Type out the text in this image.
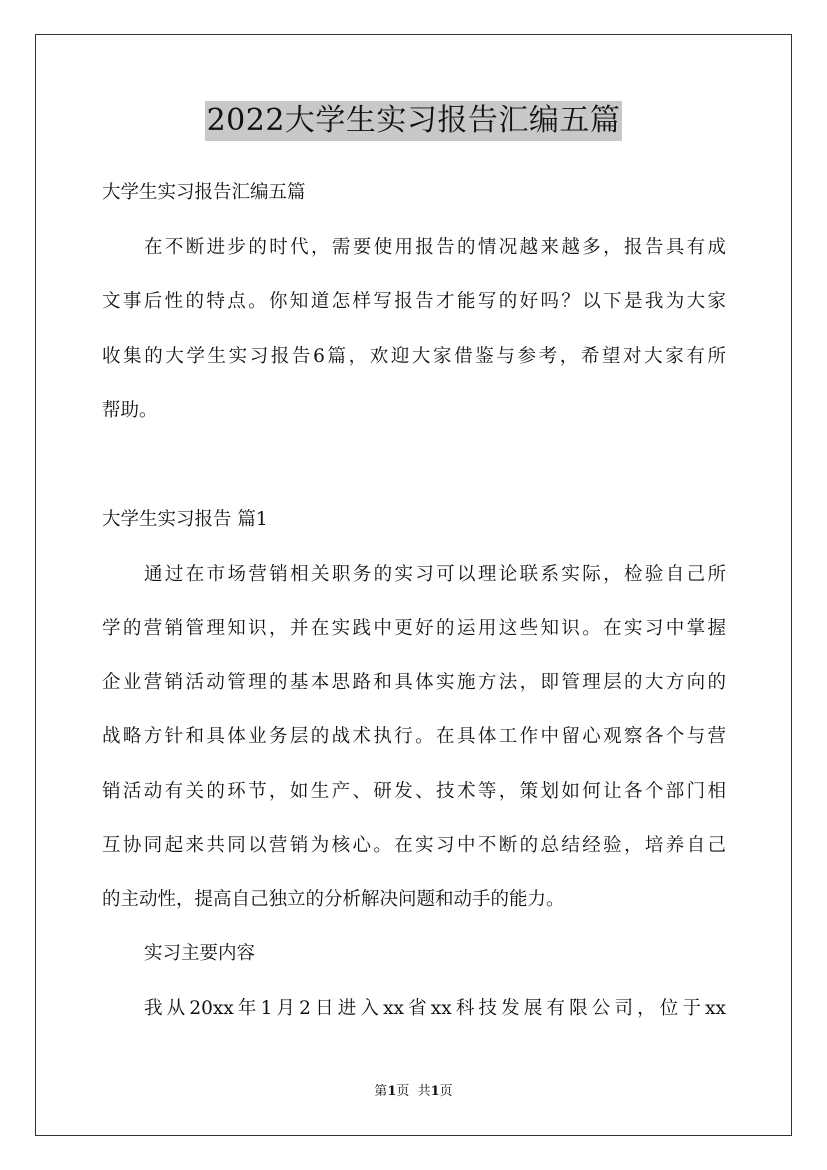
2022大学生实习报告汇编五篇

大学生实习报告汇编五篇

在不断进步的时代，需要使用报告的情况越来越多，报告具有成

文事后性的特点。你知道怎样写报告才能写的好吗？以下是我为大家

收集的大学生实习报告6篇，欢迎大家借鉴与参考，希望对大家有所

帮助。

大学生实习报告 篇1

通过在市场营销相关职务的实习可以理论联系实际，检验自己所

学的营销管理知识，并在实践中更好的运用这些知识。在实习中掌握

企业营销活动管理的基本思路和具体实施方法，即管理层的大方向的

战略方针和具体业务层的战术执行。在具体工作中留心观察各个与营

销活动有关的环节，如生产、研发、技术等，策划如何让各个部门相

互协同起来共同以营销为核心。在实习中不断的总结经验，培养自己

的主动性，提高自己独立的分析解决问题和动手的能力。

实习主要内容

我从20xx年1月2日进入xx省xx科技发展有限公司，位于xx

第1页  共1页
